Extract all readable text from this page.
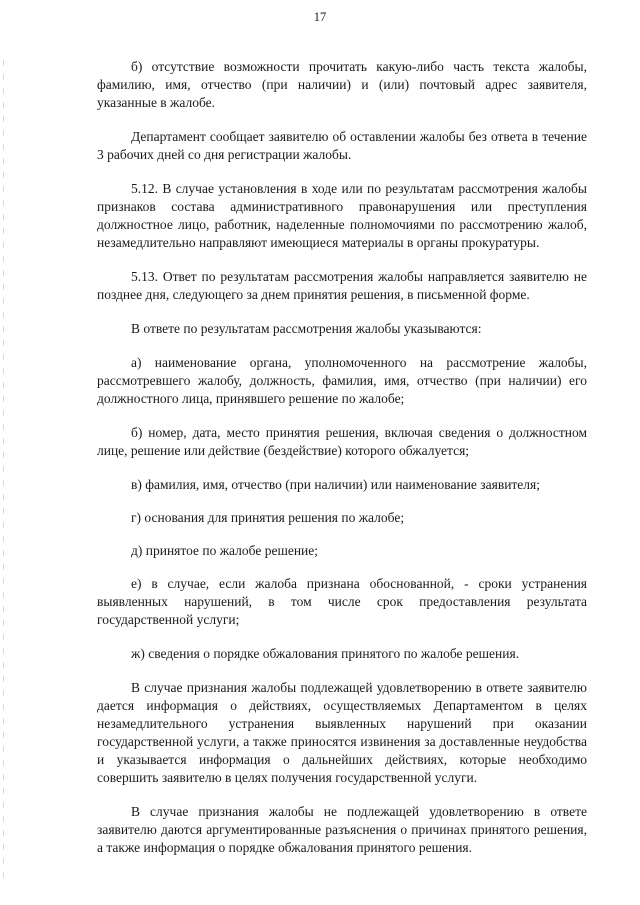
17

б) отсутствие возможности прочитать какую-либо часть текста жалобы, фамилию, имя, отчество (при наличии) и (или) почтовый адрес заявителя, указанные в жалобе.

Департамент сообщает заявителю об оставлении жалобы без ответа в течение 3 рабочих дней со дня регистрации жалобы.

5.12. В случае установления в ходе или по результатам рассмотрения жалобы признаков состава административного правонарушения или преступления должностное лицо, работник, наделенные полномочиями по рассмотрению жалоб, незамедлительно направляют имеющиеся материалы в органы прокуратуры.

5.13. Ответ по результатам рассмотрения жалобы направляется заявителю не позднее дня, следующего за днем принятия решения, в письменной форме.

В ответе по результатам рассмотрения жалобы указываются:

а) наименование органа, уполномоченного на рассмотрение жалобы, рассмотревшего жалобу, должность, фамилия, имя, отчество (при наличии) его должностного лица, принявшего решение по жалобе;

б) номер, дата, место принятия решения, включая сведения о должностном лице, решение или действие (бездействие) которого обжалуется;

в) фамилия, имя, отчество (при наличии) или наименование заявителя;

г) основания для принятия решения по жалобе;

д) принятое по жалобе решение;

е) в случае, если жалоба признана обоснованной, - сроки устранения выявленных нарушений, в том числе срок предоставления результата государственной услуги;

ж) сведения о порядке обжалования принятого по жалобе решения.

В случае признания жалобы подлежащей удовлетворению в ответе заявителю дается информация о действиях, осуществляемых Департаментом в целях незамедлительного устранения выявленных нарушений при оказании государственной услуги, а также приносятся извинения за доставленные неудобства и указывается информация о дальнейших действиях, которые необходимо совершить заявителю в целях получения государственной услуги.

В случае признания жалобы не подлежащей удовлетворению в ответе заявителю даются аргументированные разъяснения о причинах принятого решения, а также информация о порядке обжалования принятого решения.
